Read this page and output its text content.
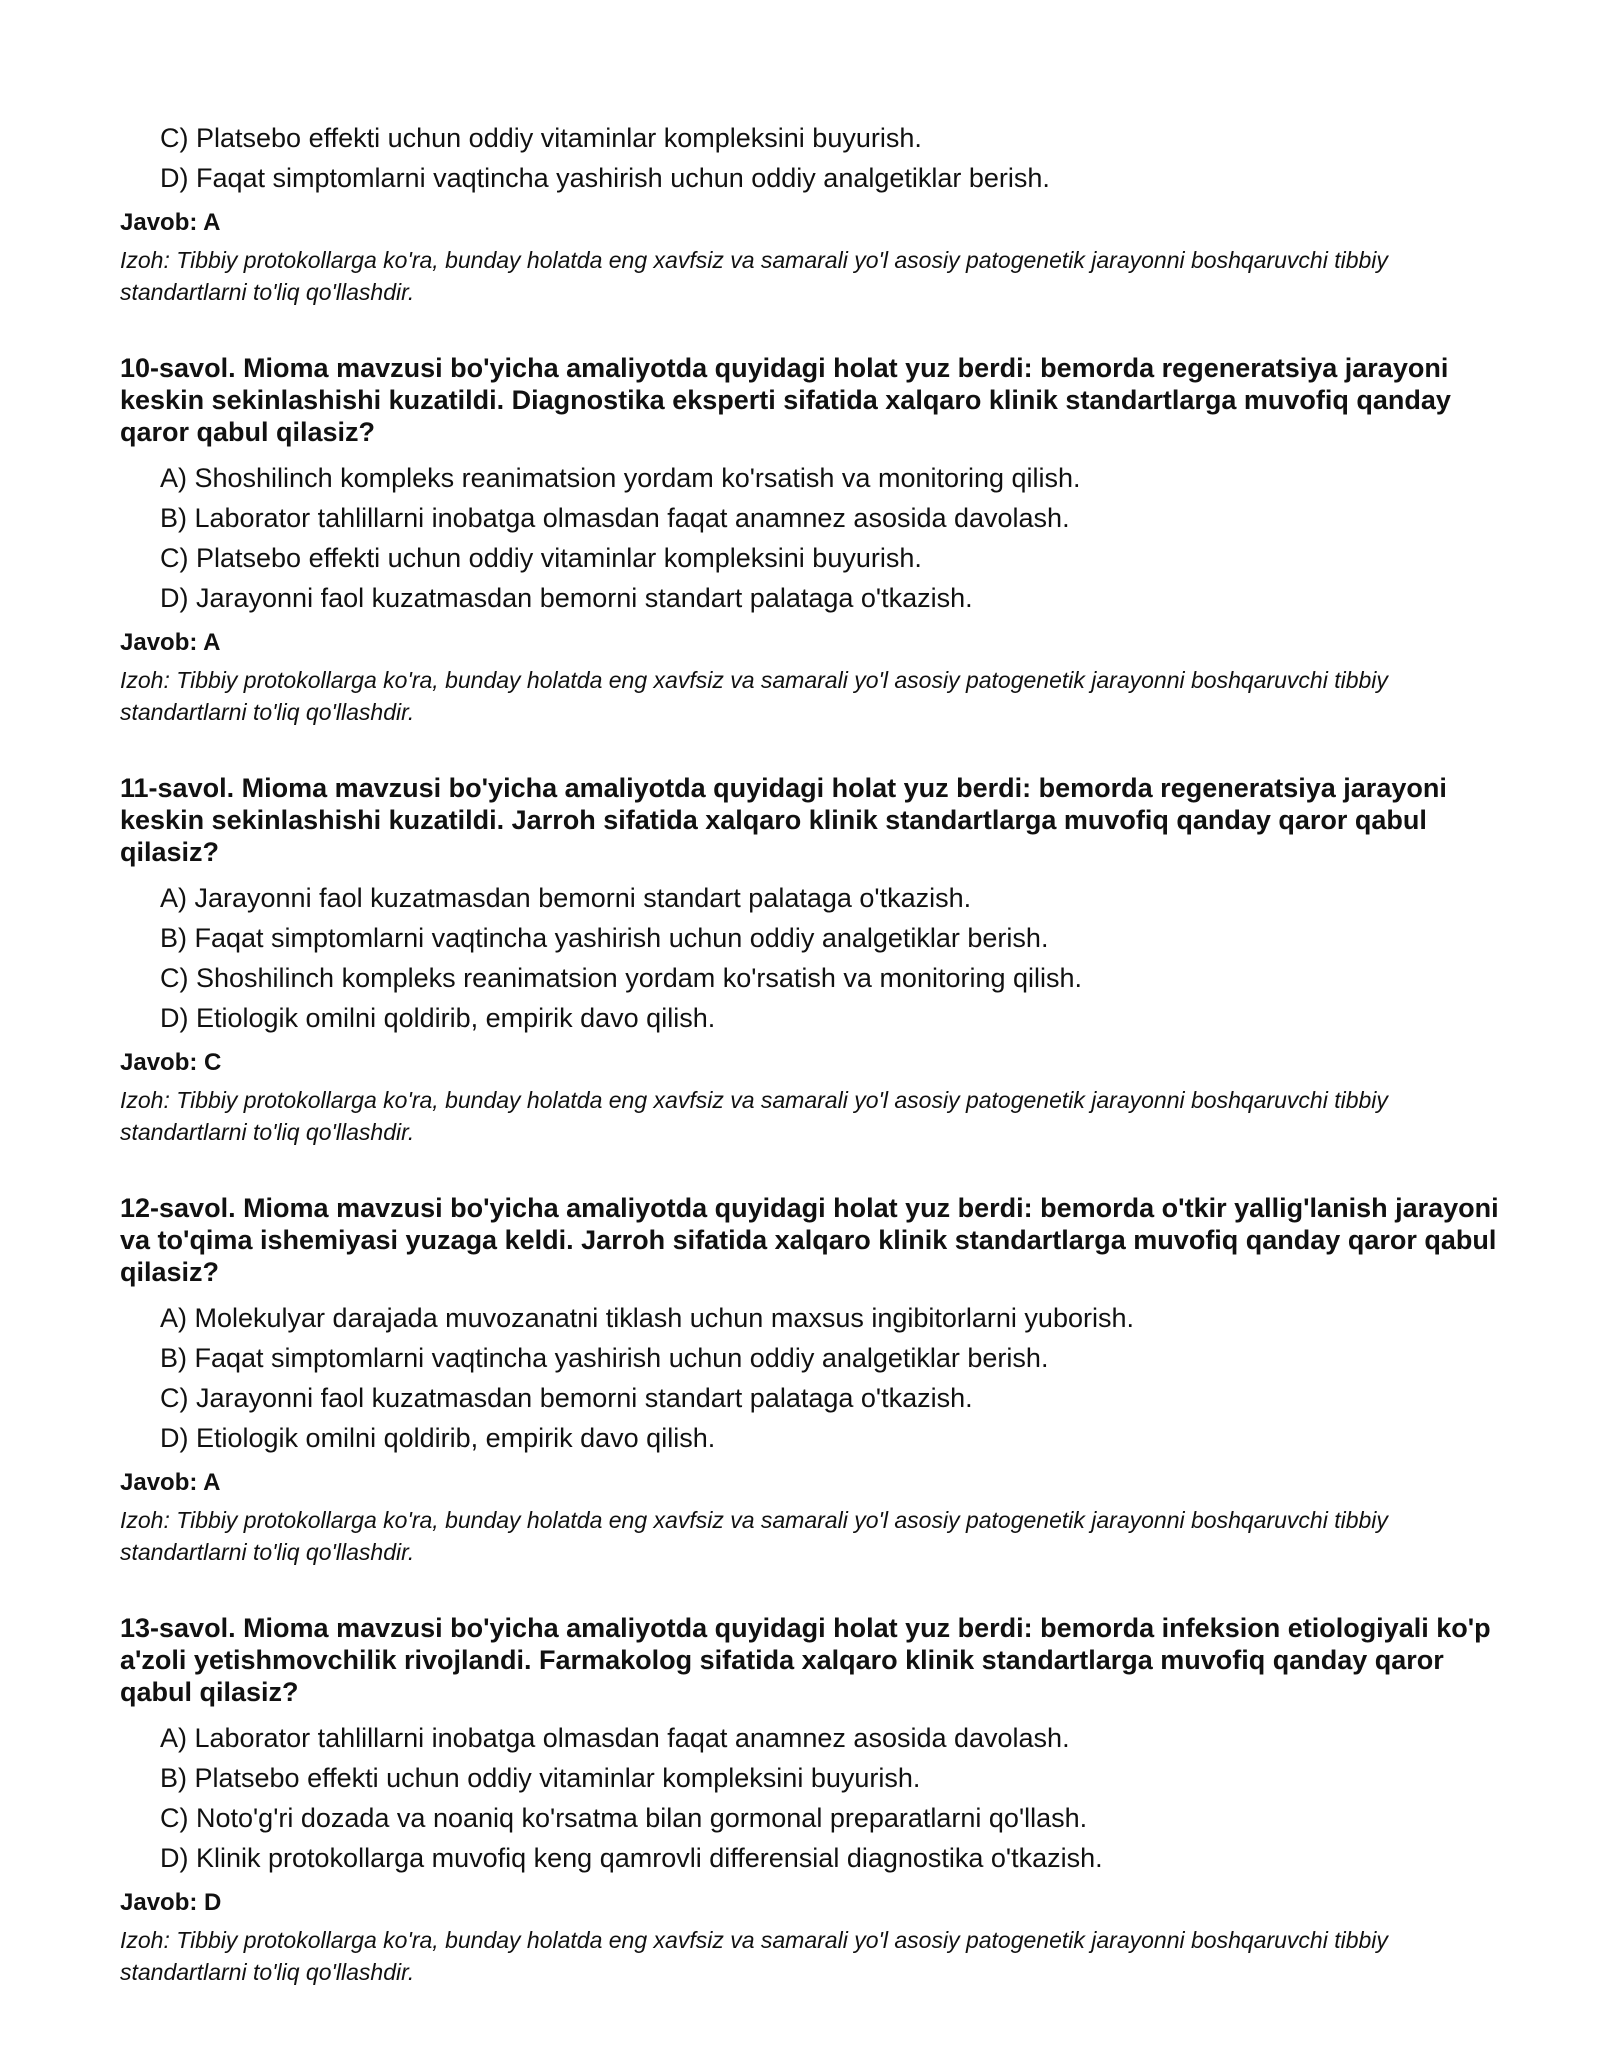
C) Platsebo effekti uchun oddiy vitaminlar kompleksini buyurish.
D) Faqat simptomlarni vaqtincha yashirish uchun oddiy analgetiklar berish.
Javob: A
Izoh: Tibbiy protokollarga ko'ra, bunday holatda eng xavfsiz va samarali yo'l asosiy patogenetik jarayonni boshqaruvchi tibbiy standartlarni to'liq qo'llashdir.
10-savol. Mioma mavzusi bo'yicha amaliyotda quyidagi holat yuz berdi: bemorda regeneratsiya jarayoni keskin sekinlashishi kuzatildi. Diagnostika eksperti sifatida xalqaro klinik standartlarga muvofiq qanday qaror qabul qilasiz?
A) Shoshilinch kompleks reanimatsion yordam ko'rsatish va monitoring qilish.
B) Laborator tahlillarni inobatga olmasdan faqat anamnez asosida davolash.
C) Platsebo effekti uchun oddiy vitaminlar kompleksini buyurish.
D) Jarayonni faol kuzatmasdan bemorni standart palataga o'tkazish.
Javob: A
Izoh: Tibbiy protokollarga ko'ra, bunday holatda eng xavfsiz va samarali yo'l asosiy patogenetik jarayonni boshqaruvchi tibbiy standartlarni to'liq qo'llashdir.
11-savol. Mioma mavzusi bo'yicha amaliyotda quyidagi holat yuz berdi: bemorda regeneratsiya jarayoni keskin sekinlashishi kuzatildi. Jarroh sifatida xalqaro klinik standartlarga muvofiq qanday qaror qabul qilasiz?
A) Jarayonni faol kuzatmasdan bemorni standart palataga o'tkazish.
B) Faqat simptomlarni vaqtincha yashirish uchun oddiy analgetiklar berish.
C) Shoshilinch kompleks reanimatsion yordam ko'rsatish va monitoring qilish.
D) Etiologik omilni qoldirib, empirik davo qilish.
Javob: C
Izoh: Tibbiy protokollarga ko'ra, bunday holatda eng xavfsiz va samarali yo'l asosiy patogenetik jarayonni boshqaruvchi tibbiy standartlarni to'liq qo'llashdir.
12-savol. Mioma mavzusi bo'yicha amaliyotda quyidagi holat yuz berdi: bemorda o'tkir yallig'lanish jarayoni va to'qima ishemiyasi yuzaga keldi. Jarroh sifatida xalqaro klinik standartlarga muvofiq qanday qaror qabul qilasiz?
A) Molekulyar darajada muvozanatni tiklash uchun maxsus ingibitorlarni yuborish.
B) Faqat simptomlarni vaqtincha yashirish uchun oddiy analgetiklar berish.
C) Jarayonni faol kuzatmasdan bemorni standart palataga o'tkazish.
D) Etiologik omilni qoldirib, empirik davo qilish.
Javob: A
Izoh: Tibbiy protokollarga ko'ra, bunday holatda eng xavfsiz va samarali yo'l asosiy patogenetik jarayonni boshqaruvchi tibbiy standartlarni to'liq qo'llashdir.
13-savol. Mioma mavzusi bo'yicha amaliyotda quyidagi holat yuz berdi: bemorda infeksion etiologiyali ko'p a'zoli yetishmovchilik rivojlandi. Farmakolog sifatida xalqaro klinik standartlarga muvofiq qanday qaror qabul qilasiz?
A) Laborator tahlillarni inobatga olmasdan faqat anamnez asosida davolash.
B) Platsebo effekti uchun oddiy vitaminlar kompleksini buyurish.
C) Noto'g'ri dozada va noaniq ko'rsatma bilan gormonal preparatlarni qo'llash.
D) Klinik protokollarga muvofiq keng qamrovli differensial diagnostika o'tkazish.
Javob: D
Izoh: Tibbiy protokollarga ko'ra, bunday holatda eng xavfsiz va samarali yo'l asosiy patogenetik jarayonni boshqaruvchi tibbiy standartlarni to'liq qo'llashdir.
